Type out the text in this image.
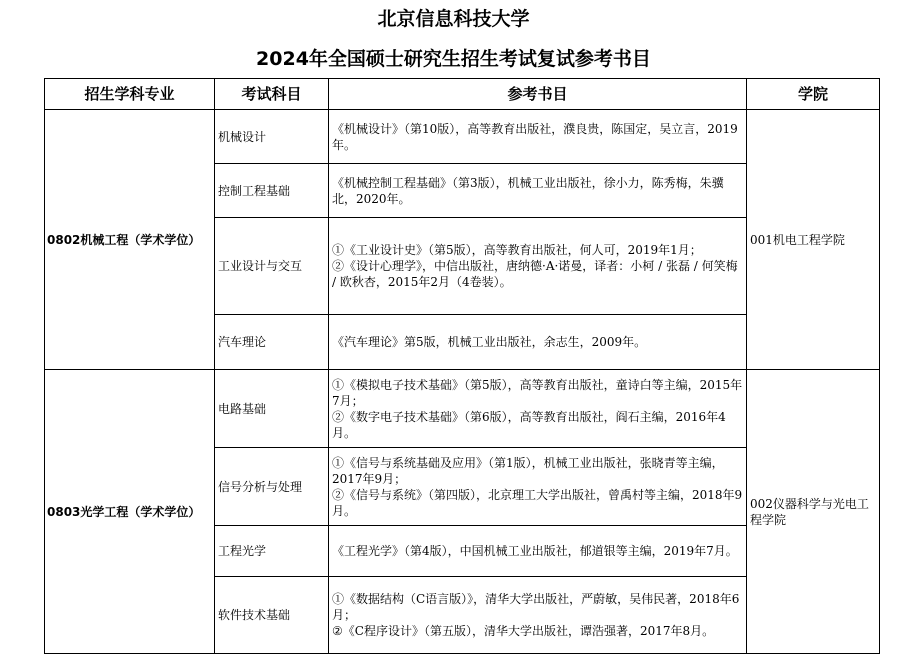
北京信息科技大学
2024年全国硕士研究生招生考试复试参考书目
招生学科专业	考试科目	参考书目	学院
0802机械工程（学术学位）	机械设计	《机械设计》（第10版），高等教育出版社，濮良贵，陈国定，吴立言，2019年。	001机电工程学院
	控制工程基础	《机械控制工程基础》（第3版），机械工业出版社，徐小力，陈秀梅，朱骥北，2020年。	

	工业设计与交互	①《工业设计史》（第5版），高等教育出版社，何人可，2019年1月；
②《设计心理学》，中信出版社，唐纳德·A·诺曼，译者：小柯 / 张磊 / 何笑梅 / 欧秋杏，2015年2月（4卷装）。	

	汽车理论	《汽车理论》第5版，机械工业出版社，余志生，2009年。	

0803光学工程（学术学位）	电路基础	①《模拟电子技术基础》（第5版），高等教育出版社，童诗白等主编，2015年7月；
②《数字电子技术基础》（第6版），高等教育出版社，阎石主编，2016年4月。	002仪器科学与光电工程学院
	信号分析与处理	①《信号与系统基础及应用》（第1版），机械工业出版社，张晓青等主编，2017年9月；
②《信号与系统》（第四版），北京理工大学出版社，曾禹村等主编，2018年9月。	

	工程光学	《工程光学》（第4版），中国机械工业出版社，郁道银等主编，2019年7月。	

	软件技术基础	①《数据结构（C语言版）》，清华大学出版社，严蔚敏，吴伟民著，2018年6月；
②《C程序设计》（第五版），清华大学出版社，谭浩强著，2017年8月。	
